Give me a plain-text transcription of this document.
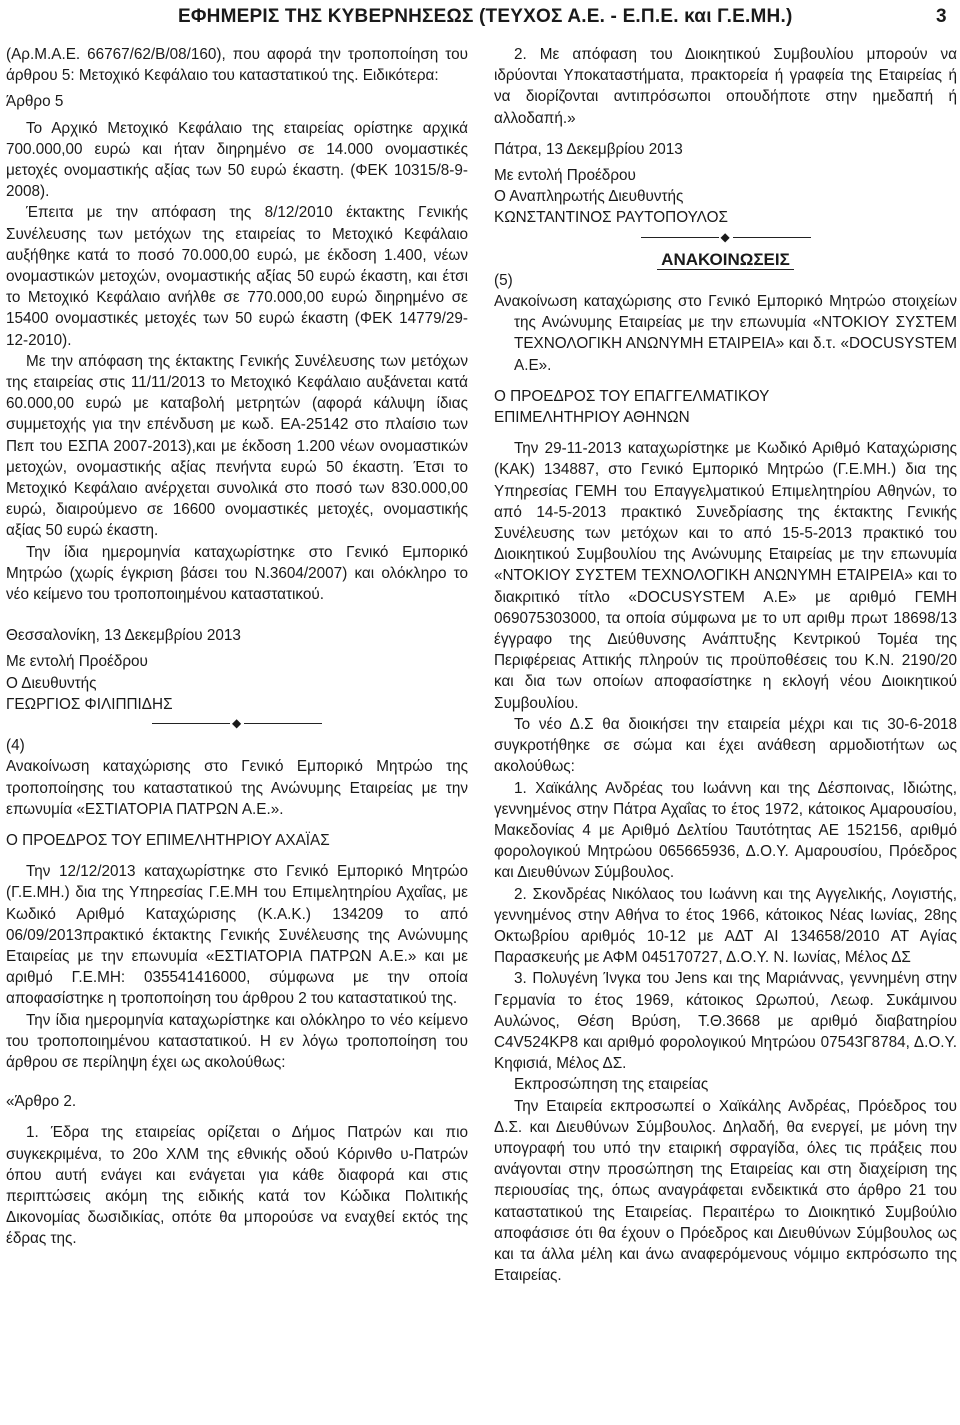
ΕΦΗΜΕΡΙΣ ΤΗΣ ΚΥΒΕΡΝΗΣΕΩΣ (ΤΕΥΧΟΣ Α.Ε. - Ε.Π.Ε. και Γ.Ε.ΜΗ.)	3

(Αρ.Μ.Α.Ε. 66767/62/Β/08/160), που αφορά την τροποποίηση του άρθρου 5: Μετοχικό Κεφάλαιο του καταστατικού της. Ειδικότερα:

Άρθρο 5

Το Αρχικό Μετοχικό Κεφάλαιο της εταιρείας ορίστηκε αρχικά 700.000,00 ευρώ και ήταν διηρημένο σε 14.000 ονομαστικές μετοχές ονομαστικής αξίας των 50 ευρώ έκαστη. (ΦΕΚ 10315/8-9-2008).

Έπειτα με την απόφαση της 8/12/2010 έκτακτης Γενικής Συνέλευσης των μετόχων της εταιρείας το Μετοχικό Κεφάλαιο αυξήθηκε κατά το ποσό 70.000,00 ευρώ, με έκδοση 1.400, νέων ονομαστικών μετοχών, ονομαστικής αξίας 50 ευρώ έκαστη, και έτσι το Μετοχικό Κεφάλαιο ανήλθε σε 770.000,00 ευρώ διηρημένο σε 15400 ονομαστικές μετοχές των 50 ευρώ έκαστη (ΦΕΚ 14779/29-12-2010).

Με την απόφαση της έκτακτης Γενικής Συνέλευσης των μετόχων της εταιρείας στις 11/11/2013 το Μετοχικό Κεφάλαιο αυξάνεται κατά 60.000,00 ευρώ με καταβολή μετρητών (αφορά κάλυψη ίδιας συμμετοχής για την επένδυση με κωδ. ΕΑ-25142 στο πλαίσιο των Πεπ του ΕΣΠΑ 2007-2013),και με έκδοση 1.200 νέων ονομαστικών μετοχών, ονομαστικής αξίας πενήντα ευρώ 50 έκαστη. Έτσι το Μετοχικό Κεφάλαιο ανέρχεται συνολικά στο ποσό των 830.000,00 ευρώ, διαιρούμενο σε 16600 ονομαστικές μετοχές, ονομαστικής αξίας 50 ευρώ έκαστη.

Την ίδια ημερομηνία καταχωρίστηκε στο Γενικό Εμπορικό Μητρώο (χωρίς έγκριση βάσει του Ν.3604/2007) και ολόκληρο το νέο κείμενο του τροποποιημένου καταστατικού.

Θεσσαλονίκη, 13 Δεκεμβρίου 2013

Με εντολή Προέδρου

Ο Διευθυντής

ΓΕΩΡΓΙΟΣ ΦΙΛΙΠΠΙΔΗΣ

◆

(4)

Ανακοίνωση καταχώρισης στο Γενικό Εμπορικό Μητρώο της τροποποίησης του καταστατικού της Ανώνυμης Εταιρείας με την επωνυμία «ΕΣΤΙΑΤΟΡΙΑ ΠΑΤΡΩΝ Α.Ε.».

Ο ΠΡΟΕΔΡΟΣ ΤΟΥ ΕΠΙΜΕΛΗΤΗΡΙΟΥ ΑΧΑΪΑΣ

Την 12/12/2013 καταχωρίστηκε στο Γενικό Εμπορικό Μητρώο (Γ.Ε.ΜΗ.) δια της Υπηρεσίας Γ.Ε.ΜΗ του Επιμελητηρίου Αχαΐας, με Κωδικό Αριθμό Καταχώρισης (Κ.Α.Κ.) 134209 το από 06/09/2013πρακτικό έκτακτης Γενικής Συνέλευσης της Ανώνυμης Εταιρείας με την επωνυμία «ΕΣΤΙΑΤΟΡΙΑ ΠΑΤΡΩΝ Α.Ε.» και με αριθμό Γ.Ε.ΜΗ: 035541416000, σύμφωνα με την οποία αποφασίστηκε η τροποποίηση του άρθρου 2 του καταστατικού της.

Την ίδια ημερομηνία καταχωρίστηκε και ολόκληρο το νέο κείμενο του τροποποιημένου καταστατικού. Η εν λόγω τροποποίηση του άρθρου σε περίληψη έχει ως ακολούθως:

«Άρθρο 2.

1. Έδρα της εταιρείας ορίζεται ο Δήμος Πατρών και πιο συγκεκριμένα, το 20ο ΧΛΜ της εθνικής οδού Κόρινθο υ-Πατρών όπου αυτή ενάγει και ενάγεται για κάθε διαφορά και στις περιπτώσεις ακόμη της ειδικής κατά τον Κώδικα Πολιτικής Δικονομίας δωσιδικίας, οπότε θα μπορούσε να εναχθεί εκτός της έδρας της.

2. Με απόφαση του Διοικητικού Συμβουλίου μπορούν να ιδρύονται Υποκαταστήματα, πρακτορεία ή γραφεία της Εταιρείας ή να διορίζονται αντιπρόσωποι οπουδήποτε στην ημεδαπή ή αλλοδαπή.»

Πάτρα, 13 Δεκεμβρίου 2013

Με εντολή Προέδρου

Ο Αναπληρωτής Διευθυντής

ΚΩΝΣΤΑΝΤΙΝΟΣ ΡΑΥΤΟΠΟΥΛΟΣ

◆
ΑΝΑΚΟΙΝΩΣΕΙΣ

(5)

Ανακοίνωση καταχώρισης στο Γενικό Εμπορικό Μητρώο στοιχείων της Ανώνυμης Εταιρείας με την επωνυμία «ΝΤΟΚΙΟΥ ΣΥΣΤΕΜ ΤΕΧΝΟΛΟΓΙΚΗ ΑΝΩΝΥΜΗ ΕΤΑΙΡΕΙΑ» και δ.τ. «DOCUSYSTEM Α.Ε».

Ο ΠΡΟΕΔΡΟΣ ΤΟΥ ΕΠΑΓΓΕΛΜΑΤΙΚΟΥ

ΕΠΙΜΕΛΗΤΗΡΙΟΥ ΑΘΗΝΩΝ

Την 29-11-2013 καταχωρίστηκε με Κωδικό Αριθμό Καταχώρισης (ΚΑΚ) 134887, στο Γενικό Εμπορικό Μητρώο (Γ.Ε.ΜΗ.) δια της Υπηρεσίας ΓΕΜΗ του Επαγγελματικού Επιμελητηρίου Αθηνών, το από 14-5-2013 πρακτικό Συνεδρίασης της έκτακτης Γενικής Συνέλευσης των μετόχων και το από 15-5-2013 πρακτικό του Διοικητικού Συμβουλίου της Ανώνυμης Εταιρείας με την επωνυμία «ΝΤΟΚΙΟΥ ΣΥΣΤΕΜ ΤΕΧΝΟΛΟΓΙΚΗ ΑΝΩΝΥΜΗ ΕΤΑΙΡΕΙΑ» και το διακριτικό τίτλο «DOCUSYSTEM Α.Ε» με αριθμό ΓΕΜΗ 069075303000, τα οποία σύμφωνα με το υπ αριθμ πρωτ 18698/13 έγγραφο της Διεύθυνσης Ανάπτυξης Κεντρικού Τομέα της Περιφέρειας Αττικής πληρούν τις προϋποθέσεις του Κ.Ν. 2190/20 και δια των οποίων αποφασίστηκε η εκλογή νέου Διοικητικού Συμβουλίου.

Το νέο Δ.Σ θα διοικήσει την εταιρεία μέχρι και τις 30-6-2018 συγκροτήθηκε σε σώμα και έχει ανάθεση αρμοδιοτήτων ως ακολούθως:

1. Χαϊκάλης Ανδρέας του Ιωάννη και της Δέσποινας, Ιδιώτης, γεννημένος στην Πάτρα Αχαΐας το έτος 1972, κάτοικος Αμαρουσίου, Μακεδονίας 4 με Αριθμό Δελτίου Ταυτότητας ΑΕ 152156, αριθμό φορολογικού Μητρώου 065665936, Δ.Ο.Υ. Αμαρουσίου, Πρόεδρος και Διευθύνων Σύμβουλος.

2. Σκονδρέας Νικόλαος του Ιωάννη και της Αγγελικής, Λογιστής, γεννημένος στην Αθήνα το έτος 1966, κάτοικος Νέας Ιωνίας, 28ης Οκτωβρίου αριθμός 10-12 με ΑΔΤ ΑΙ 134658/2010 ΑΤ Αγίας Παρασκευής με ΑΦΜ 045170727, Δ.Ο.Υ. Ν. Ιωνίας, Μέλος ΔΣ

3. Πολυγένη Ίνγκα του Jens και της Μαριάννας, γεννημένη στην Γερμανία το έτος 1969, κάτοικος Ωρωπού, Λεωφ. Συκάμινου Αυλώνος, Θέση Βρύση, Τ.Θ.3668 με αριθμό διαβατηρίου C4V524KP8 και αριθμό φορολογικού Μητρώου 07543Γ8784, Δ.Ο.Υ. Κηφισιά, Μέλος ΔΣ.

Εκπροσώπηση της εταιρείας

Την Εταιρεία εκπροσωπεί ο Χαϊκάλης Ανδρέας, Πρόεδρος του Δ.Σ. και Διευθύνων Σύμβουλος. Δηλαδή, θα ενεργεί, με μόνη την υπογραφή του υπό την εταιρική σφραγίδα, όλες τις πράξεις που ανάγονται στην προσώπηση της Εταιρείας και στη διαχείριση της περιουσίας της, όπως αναγράφεται ενδεικτικά στο άρθρο 21 του καταστατικού της Εταιρείας. Περαιτέρω το Διοικητικό Συμβούλιο αποφάσισε ότι θα έχουν ο Πρόεδρος και Διευθύνων Σύμβουλος ως και τα άλλα μέλη και άνω αναφερόμενους νόμιμο εκπρόσωπο της Εταιρείας.
